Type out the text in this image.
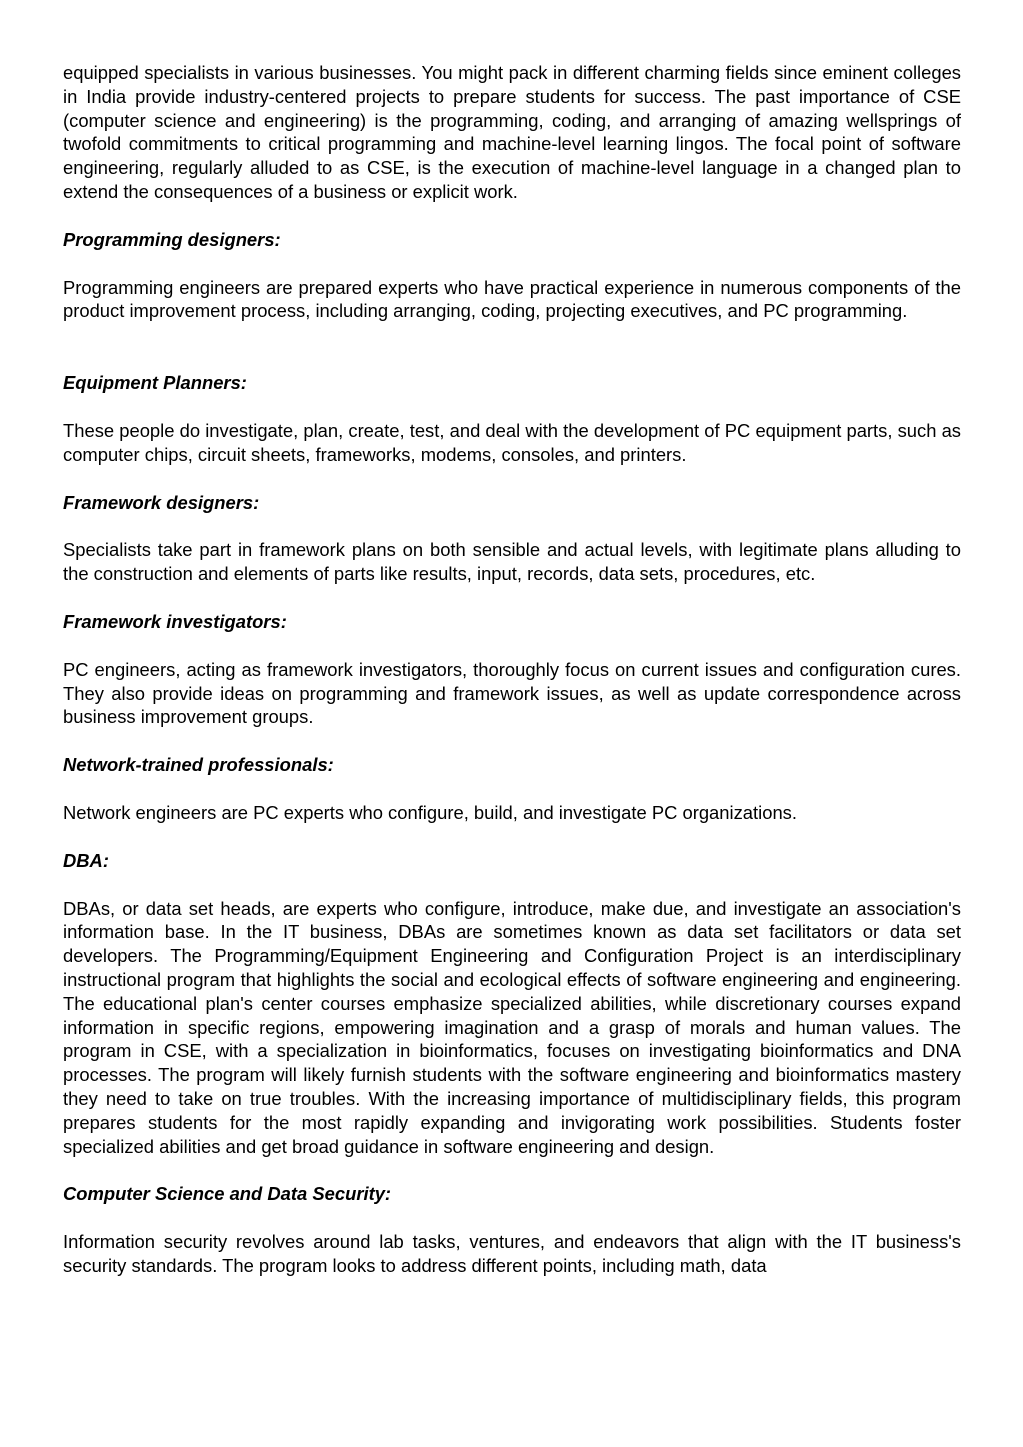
equipped specialists in various businesses. You might pack in different charming fields since eminent colleges in India provide industry-centered projects to prepare students for success. The past importance of CSE (computer science and engineering) is the programming, coding, and arranging of amazing wellsprings of twofold commitments to critical programming and machine-level learning lingos. The focal point of software engineering, regularly alluded to as CSE, is the execution of machine-level language in a changed plan to extend the consequences of a business or explicit work.

Programming designers:

Programming engineers are prepared experts who have practical experience in numerous components of the product improvement process, including arranging, coding, projecting executives, and PC programming.

Equipment Planners:

These people do investigate, plan, create, test, and deal with the development of PC equipment parts, such as computer chips, circuit sheets, frameworks, modems, consoles, and printers.

Framework designers:

Specialists take part in framework plans on both sensible and actual levels, with legitimate plans alluding to the construction and elements of parts like results, input, records, data sets, procedures, etc.

Framework investigators:

PC engineers, acting as framework investigators, thoroughly focus on current issues and configuration cures. They also provide ideas on programming and framework issues, as well as update correspondence across business improvement groups.

Network-trained professionals:

Network engineers are PC experts who configure, build, and investigate PC organizations.

DBA:

DBAs, or data set heads, are experts who configure, introduce, make due, and investigate an association's information base. In the IT business, DBAs are sometimes known as data set facilitators or data set developers. The Programming/Equipment Engineering and Configuration Project is an interdisciplinary instructional program that highlights the social and ecological effects of software engineering and engineering. The educational plan's center courses emphasize specialized abilities, while discretionary courses expand information in specific regions, empowering imagination and a grasp of morals and human values. The program in CSE, with a specialization in bioinformatics, focuses on investigating bioinformatics and DNA processes. The program will likely furnish students with the software engineering and bioinformatics mastery they need to take on true troubles. With the increasing importance of multidisciplinary fields, this program prepares students for the most rapidly expanding and invigorating work possibilities. Students foster specialized abilities and get broad guidance in software engineering and design.

Computer Science and Data Security:

Information security revolves around lab tasks, ventures, and endeavors that align with the IT business's security standards. The program looks to address different points, including math, data
